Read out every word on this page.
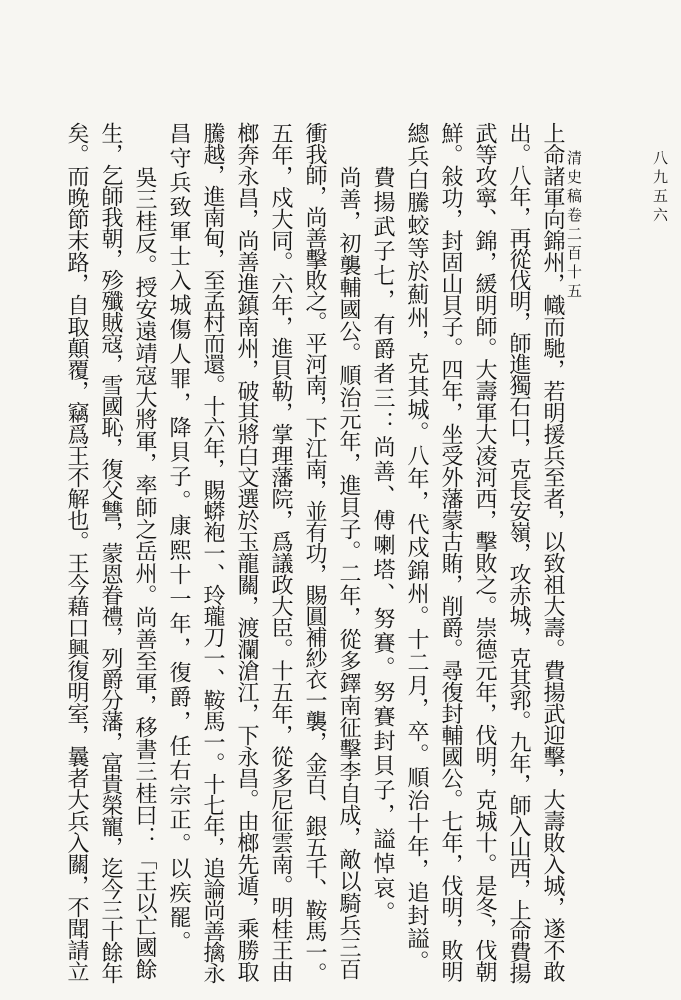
八九五六
清史稿卷二百十五
上命諸軍向錦州，幟而馳，若明援兵至者，以致祖大壽。費揚武迎擊，大壽敗入城，遂不敢
出。八年，再從伐明，師進獨石口，克長安嶺，攻赤城，克其郛。九年，師入山西，上命費揚
武等攻寧、錦，緩明師。大壽軍大凌河西，擊敗之。崇德元年，伐明，克城十。是冬，伐朝
鮮。敍功，封固山貝子。四年，坐受外藩蒙古賄，削爵。尋復封輔國公。七年，伐明，敗明
總兵白騰蛟等於薊州，克其城。八年，代戍錦州。十二月，卒。順治十年，追封謚。
費揚武子七，有爵者三：尚善、傅喇塔、努賽。努賽封貝子，謚悼哀。
尚善，初襲輔國公。順治元年，進貝子。二年，從多鐸南征擊李自成，敵以騎兵三百
衝我師，尚善擊敗之。平河南，下江南，並有功，賜圓補紗衣一襲，金百、銀五千、鞍馬一。
五年，戍大同。六年，進貝勒，掌理藩院，爲議政大臣。十五年，從多尼征雲南。明桂王由
榔奔永昌，尚善進鎮南州，破其將白文選於玉龍關，渡瀾滄江，下永昌。由榔先遁，乘勝取
騰越，進南甸，至孟村而還。十六年，賜蟒袍一、玲瓏刀一、鞍馬一。十七年，追論尚善擒永
昌守兵致軍士入城傷人罪，降貝子。康熙十一年，復爵，任右宗正。以疾罷。
吳三桂反。授安遠靖寇大將軍，率師之岳州。尚善至軍，移書三桂曰：「王以亡國餘
生，乞師我朝，殄殲賊寇，雪國恥，復父讐，蒙恩眷禮，列爵分藩，富貴榮寵，迄今三十餘年
矣。而晚節末路，自取顛覆，竊爲王不解也。王今藉口興復明室，曩者大兵入關，不聞請立
